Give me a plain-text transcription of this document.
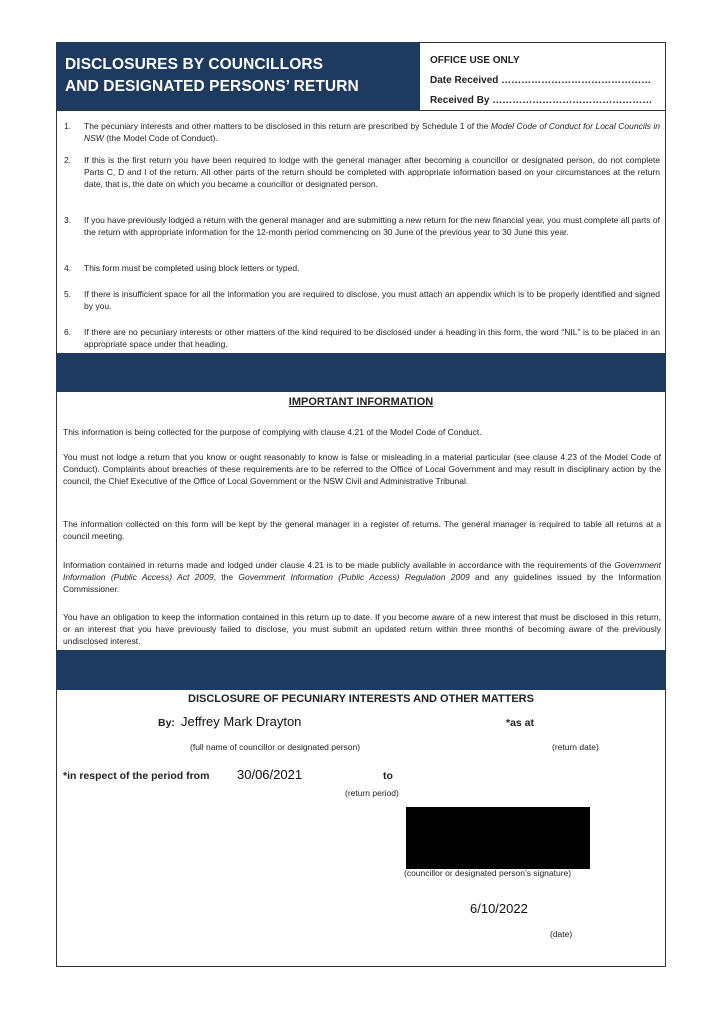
DISCLOSURES BY COUNCILLORS
AND DESIGNATED PERSONS’ RETURN
OFFICE USE ONLY
Date Received ………………………………………
Received By …………………………………………
1.	The pecuniary interests and other matters to be disclosed in this return are prescribed by Schedule 1 of the Model Code of Conduct for Local Councils in NSW (the Model Code of Conduct).
2.	If this is the first return you have been required to lodge with the general manager after becoming a councillor or designated person, do not complete Parts C, D and I of the return. All other parts of the return should be completed with appropriate information based on your circumstances at the return date, that is, the date on which you became a councillor or designated person.
3.	If you have previously lodged a return with the general manager and are submitting a new return for the new financial year, you must complete all parts of the return with appropriate information for the 12-month period commencing on 30 June of the previous year to 30 June this year.
4.	This form must be completed using block letters or typed.
5.	If there is insufficient space for all the information you are required to disclose, you must attach an appendix which is to be properly identified and signed by you.
6.	If there are no pecuniary interests or other matters of the kind required to be disclosed under a heading in this form, the word “NIL” is to be placed in an appropriate space under that heading.
IMPORTANT INFORMATION
This information is being collected for the purpose of complying with clause 4.21 of the Model Code of Conduct.
You must not lodge a return that you know or ought reasonably to know is false or misleading in a material particular (see clause 4.23 of the Model Code of Conduct). Complaints about breaches of these requirements are to be referred to the Office of Local Government and may result in disciplinary action by the council, the Chief Executive of the Office of Local Government or the NSW Civil and Administrative Tribunal.
The information collected on this form will be kept by the general manager in a register of returns. The general manager is required to table all returns at a council meeting.
Information contained in returns made and lodged under clause 4.21 is to be made publicly available in accordance with the requirements of the Government Information (Public Access) Act 2009, the Government Information (Public Access) Regulation 2009 and any guidelines issued by the Information Commissioner.
You have an obligation to keep the information contained in this return up to date. If you become aware of a new interest that must be disclosed in this return, or an interest that you have previously failed to disclose, you must submit an updated return within three months of becoming aware of the previously undisclosed interest.
DISCLOSURE OF PECUNIARY INTERESTS AND OTHER MATTERS
By: Jeffrey Mark Drayton	*as at
(full name of councillor or designated person)	(return date)
*in respect of the period from 30/06/2021	to
(return period)
(councillor or designated person’s signature)
6/10/2022
(date)
